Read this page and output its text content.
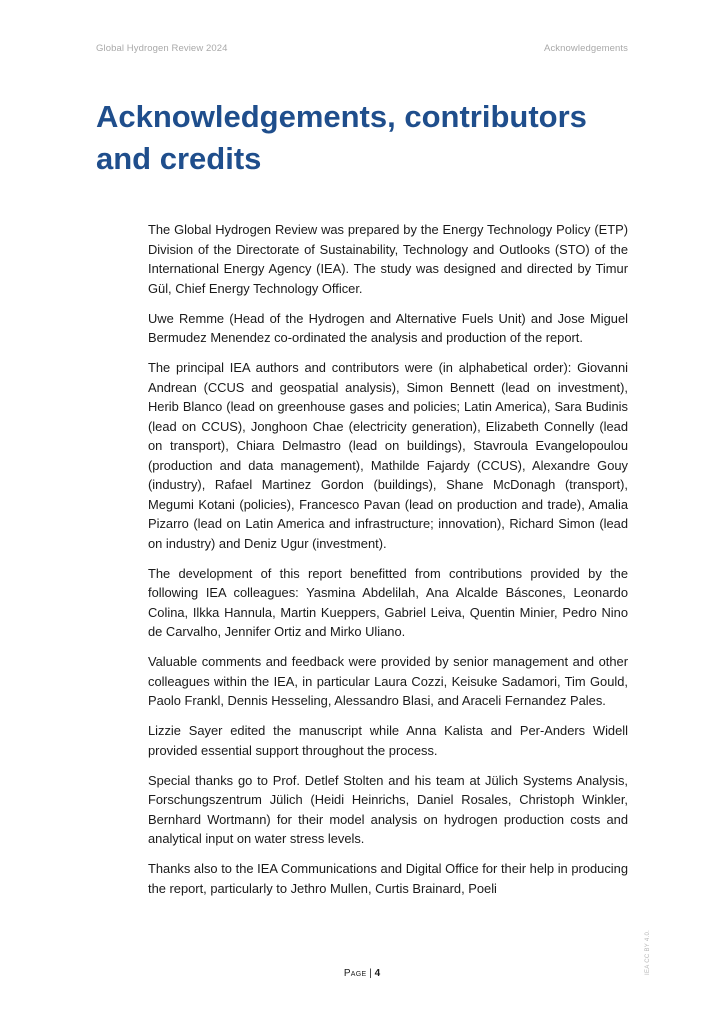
Global Hydrogen Review 2024	Acknowledgements
Acknowledgements, contributors and credits

The Global Hydrogen Review was prepared by the Energy Technology Policy (ETP) Division of the Directorate of Sustainability, Technology and Outlooks (STO) of the International Energy Agency (IEA). The study was designed and directed by Timur Gül, Chief Energy Technology Officer.

Uwe Remme (Head of the Hydrogen and Alternative Fuels Unit) and Jose Miguel Bermudez Menendez co-ordinated the analysis and production of the report.

The principal IEA authors and contributors were (in alphabetical order): Giovanni Andrean (CCUS and geospatial analysis), Simon Bennett (lead on investment), Herib Blanco (lead on greenhouse gases and policies; Latin America), Sara Budinis (lead on CCUS), Jonghoon Chae (electricity generation), Elizabeth Connelly (lead on transport), Chiara Delmastro (lead on buildings), Stavroula Evangelopoulou (production and data management), Mathilde Fajardy (CCUS), Alexandre Gouy (industry), Rafael Martinez Gordon (buildings), Shane McDonagh (transport), Megumi Kotani (policies), Francesco Pavan (lead on production and trade), Amalia Pizarro (lead on Latin America and infrastructure; innovation), Richard Simon (lead on industry) and Deniz Ugur (investment).

The development of this report benefitted from contributions provided by the following IEA colleagues: Yasmina Abdelilah, Ana Alcalde Báscones, Leonardo Colina, Ilkka Hannula, Martin Kueppers, Gabriel Leiva, Quentin Minier, Pedro Nino de Carvalho, Jennifer Ortiz and Mirko Uliano.

Valuable comments and feedback were provided by senior management and other colleagues within the IEA, in particular Laura Cozzi, Keisuke Sadamori, Tim Gould, Paolo Frankl, Dennis Hesseling, Alessandro Blasi, and Araceli Fernandez Pales.

Lizzie Sayer edited the manuscript while Anna Kalista and Per-Anders Widell provided essential support throughout the process.

Special thanks go to Prof. Detlef Stolten and his team at Jülich Systems Analysis, Forschungszentrum Jülich (Heidi Heinrichs, Daniel Rosales, Christoph Winkler, Bernhard Wortmann) for their model analysis on hydrogen production costs and analytical input on water stress levels.

Thanks also to the IEA Communications and Digital Office for their help in producing the report, particularly to Jethro Mullen, Curtis Brainard, Poeli

Page | 4	IEA CC BY 4.0.
